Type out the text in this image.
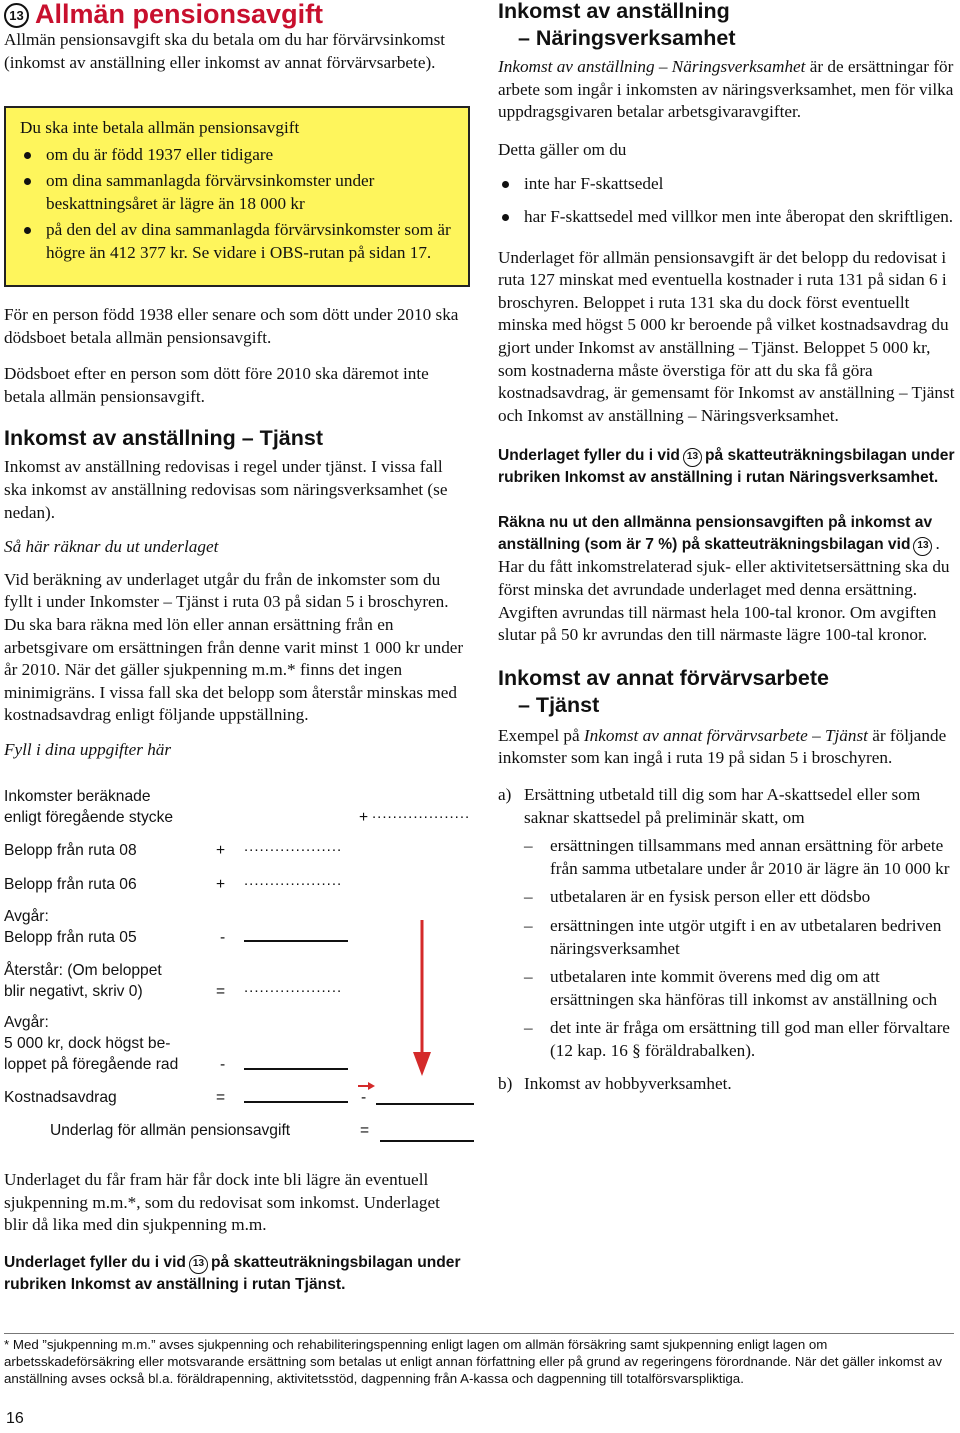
13 Allmän pensionsavgift

Allmän pensionsavgift ska du betala om du har förvärvsinkomst (inkomst av anställning eller inkomst av annat förvärvsarbete).

Du ska inte betala allmän pensionsavgift
om du är född 1937 eller tidigare
om dina sammanlagda förvärvsinkomster under beskattningsåret är lägre än 18 000 kr
på den del av dina sammanlagda förvärvsinkomster som är högre än 412 377 kr. Se vidare i OBS-rutan på sidan 17.

För en person född 1938 eller senare och som dött under 2010 ska dödsboet betala allmän pensionsavgift.

Dödsboet efter en person som dött före 2010 ska däremot inte betala allmän pensionsavgift.

Inkomst av anställning – Tjänst

Inkomst av anställning redovisas i regel under tjänst. I vissa fall ska inkomst av anställning redovisas som näringsverksamhet (se nedan).

Så här räknar du ut underlaget

Vid beräkning av underlaget utgår du från de inkomster som du fyllt i under Inkomster – Tjänst i ruta 03 på sidan 5 i broschyren. Du ska bara räkna med lön eller annan ersättning från en arbetsgivare om ersättningen från denne varit minst 1 000 kr under år 2010. När det gäller sjukpenning m.m.* finns det ingen minimigräns. I vissa fall ska det belopp som återstår minskas med kostnadsavdrag enligt följande uppställning.

Fyll i dina uppgifter här

Inkomster beräknade
enligt föregående stycke	+ ...................
Belopp från ruta 08	+ ...................
Belopp från ruta 06	+ ...................
Avgår:
Belopp från ruta 05	-
Återstår: (Om beloppet
blir negativt, skriv 0)	= ...................
Avgår:
5 000 kr, dock högst be-
loppet på föregående rad	-
Kostnadsavdrag	=	-
Underlag för allmän pensionsavgift	=

Underlaget du får fram här får dock inte bli lägre än eventuell sjukpenning m.m.*, som du redovisat som inkomst. Underlaget blir då lika med din sjukpenning m.m.

Underlaget fyller du i vid 13 på skatteuträkningsbilagan under rubriken Inkomst av anställning i rutan Tjänst.

Inkomst av anställning
– Näringsverksamhet

Inkomst av anställning – Näringsverksamhet är de ersättningar för arbete som ingår i inkomsten av näringsverksamhet, men för vilka uppdragsgivaren betalar arbetsgivaravgifter.

Detta gäller om du

inte har F-skattsedel
har F-skattsedel med villkor men inte åberopat den skriftligen.

Underlaget för allmän pensionsavgift är det belopp du redovisat i ruta 127 minskat med eventuella kostnader i ruta 131 på sidan 6 i broschyren. Beloppet i ruta 131 ska du dock först eventuellt minska med högst 5 000 kr beroende på vilket kostnadsavdrag du gjort under Inkomst av anställning – Tjänst. Beloppet 5 000 kr, som kostnaderna måste överstiga för att du ska få göra kostnadsavdrag, är gemensamt för Inkomst av anställning – Tjänst och Inkomst av anställning – Näringsverksamhet.

Underlaget fyller du i vid 13 på skatteuträkningsbilagan under rubriken Inkomst av anställning i rutan Näringsverksamhet.

Räkna nu ut den allmänna pensionsavgiften på inkomst av anställning (som är 7 %) på skatteuträkningsbilagan vid 13 . Har du fått inkomstrelaterad sjuk- eller aktivitetsersättning ska du först minska det avrundade underlaget med denna ersättning. Avgiften avrundas till närmast hela 100-tal kronor. Om avgiften slutar på 50 kr avrundas den till närmaste lägre 100-tal kronor.

Inkomst av annat förvärvsarbete
– Tjänst

Exempel på Inkomst av annat förvärvsarbete – Tjänst är följande inkomster som kan ingå i ruta 19 på sidan 5 i broschyren.

a) Ersättning utbetald till dig som har A-skattsedel eller som saknar skattsedel på preliminär skatt, om
– ersättningen tillsammans med annan ersättning för arbete från samma utbetalare under år 2010 är lägre än 10 000 kr
– utbetalaren är en fysisk person eller ett dödsbo
– ersättningen inte utgör utgift i en av utbetalaren bedriven näringsverksamhet
– utbetalaren inte kommit överens med dig om att ersättningen ska hänföras till inkomst av anställning och
– det inte är fråga om ersättning till god man eller förvaltare (12 kap. 16 § föräldrabalken).
b) Inkomst av hobbyverksamhet.
* Med ”sjukpenning m.m.” avses sjukpenning och rehabiliteringspenning enligt lagen om allmän försäkring samt sjukpenning enligt lagen om arbetsskadeförsäkring eller motsvarande ersättning som betalas ut enligt annan författning eller på grund av regeringens förordnande. När det gäller inkomst av anställning avses också bl.a. föräldrapenning, aktivitetsstöd, dagpenning från A-kassa och dagpenning till totalförsvarspliktiga.
16
